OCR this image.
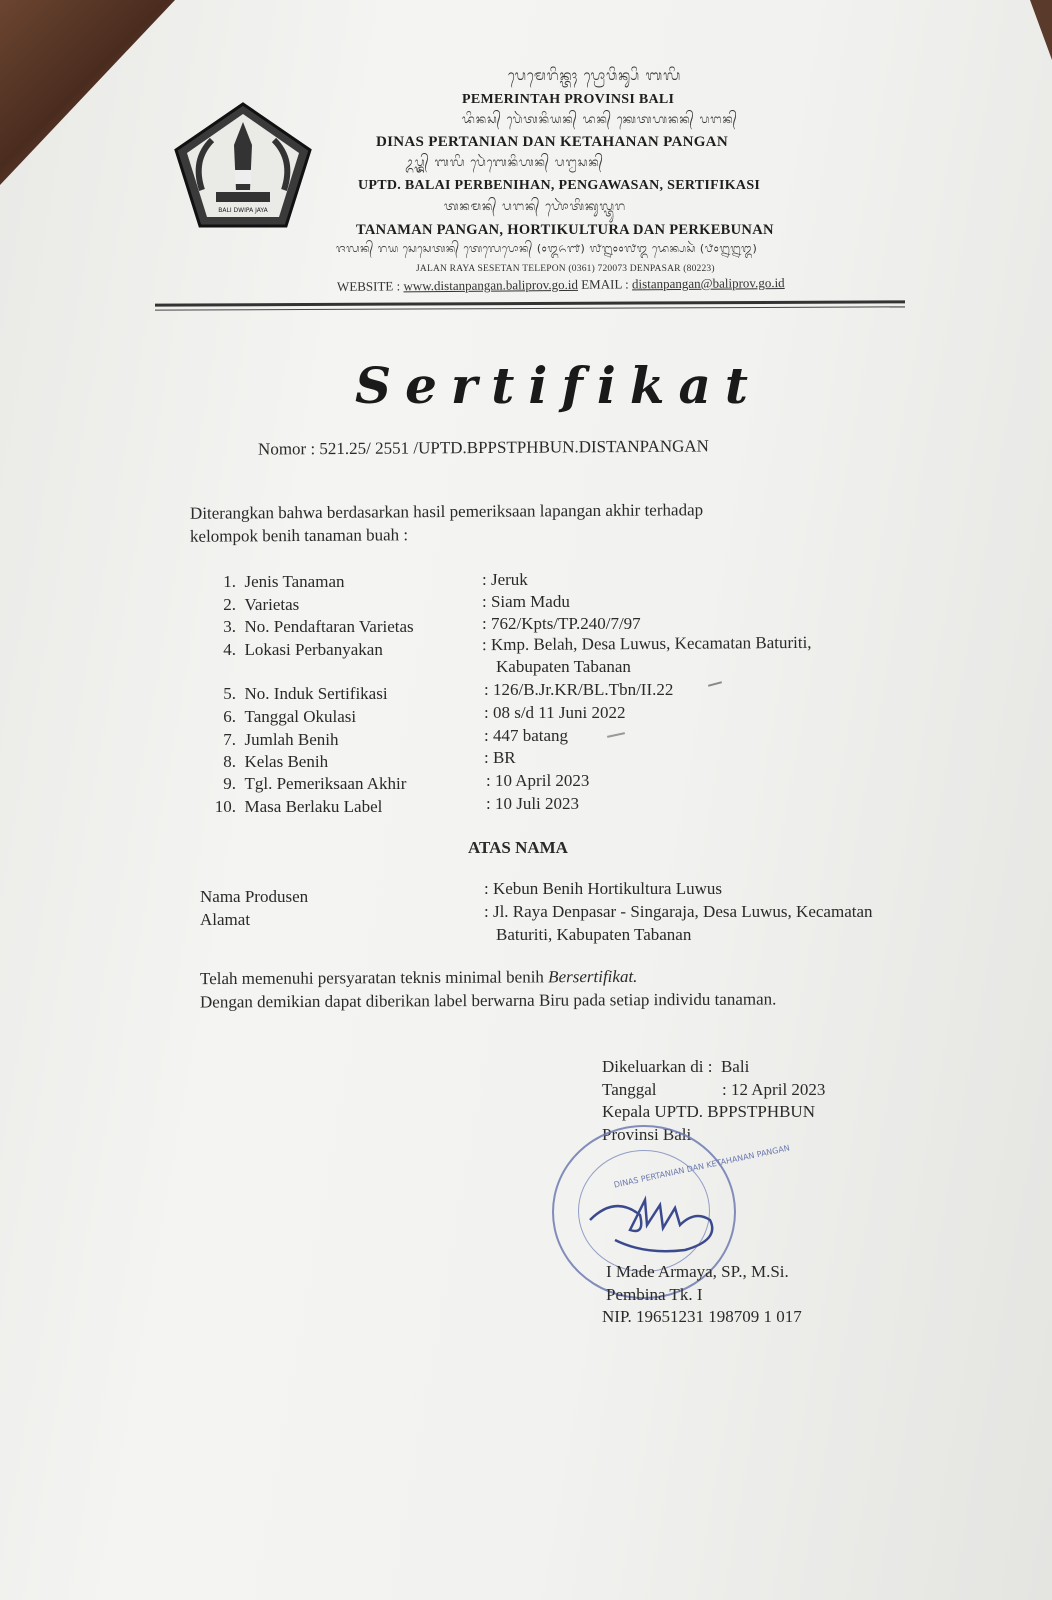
BALI DWIPA JAYA
ᬧᬾᬫᬾᬭᬶᬦ᭄ᬢᬄ ᬧ᭄ᬭᭀᬯᬶᬦ᭄ᬲᬶ ᬩᬮᬶ
PEMERINTAH PROVINSI BALI
ᬤᬶᬦᬲ᭄ ᬧᬾᬃᬢᬦᬶᬬᬦ᭄ ᬤᬦ᭄ ᬓᬾᬢᬳᬦᬦ᭄ ᬧᬗᬦ᭄
DINAS PERTANIAN DAN KETAHANAN PANGAN
ᬉᬧ᭄ᬢ᭄ᬤ᭄ ᬩᬮᬶ ᬧᬾᬃᬩᬾᬦᬶᬳᬦ᭄ ᬧᬗ᭄ᬯᬲᬦ᭄
UPTD. BALAI PERBENIHAN, PENGAWASAN, SERTIFIKASI
ᬢᬦᬫᬦ᭄ ᬧᬗᬦ᭄ ᬳᭀᬃᬢᬶᬓᬸᬮ᭄ᬢᬸᬭ
TANAMAN PANGAN, HORTIKULTURA DAN PERKEBUNAN
ᬚᬮᬦ᭄ ᬭᬬ ᬲᬾᬲᬾᬢᬦ᭄ ᬢᬾᬮᬾᬧᭀᬦ᭄ (᭐᭓᭖᭑) ᭗᭒᭐᭐᭗᭓ ᬤᬾᬦ᭄ᬧᬲᬃ (᭘᭐᭒᭒᭓)
JALAN RAYA SESETAN TELEPON (0361) 720073 DENPASAR (80223)
WEBSITE : www.distanpangan.baliprov.go.id EMAIL : distanpangan@baliprov.go.id
Sertifikat
Nomor : 521.25/ 2551 /UPTD.BPPSTPHBUN.DISTANPANGAN
Diterangkan bahwa berdasarkan hasil pemeriksaan lapangan akhir terhadap
kelompok benih tanaman buah :
1. Jenis Tanaman	: Jeruk
2. Varietas	: Siam Madu
3. No. Pendaftaran Varietas	: 762/Kpts/TP.240/7/97
4. Lokasi Perbanyakan	: Kmp. Belah, Desa Luwus, Kecamatan Baturiti,
Kabupaten Tabanan
5. No. Induk Sertifikasi	: 126/B.Jr.KR/BL.Tbn/II.22
6. Tanggal Okulasi	: 08 s/d 11 Juni 2022
7. Jumlah Benih	: 447 batang
8. Kelas Benih	: BR
9. Tgl. Pemeriksaan Akhir	: 10 April 2023
10. Masa Berlaku Label	: 10 Juli 2023
ATAS NAMA
Nama Produsen	: Kebun Benih Hortikultura Luwus
Alamat	: Jl. Raya Denpasar - Singaraja, Desa Luwus, Kecamatan
Baturiti, Kabupaten Tabanan
Telah memenuhi persyaratan teknis minimal benih Bersertifikat.
Dengan demikian dapat diberikan label berwarna Biru pada setiap individu tanaman.
Dikeluarkan di : Bali
Tanggal	: 12 April 2023
Kepala UPTD. BPPSTPHBUN
Provinsi Bali
DINAS PERTANIAN DAN KETAHANAN PANGAN
I Made Armaya, SP., M.Si.
Pembina Tk. I
NIP. 19651231 198709 1 017
